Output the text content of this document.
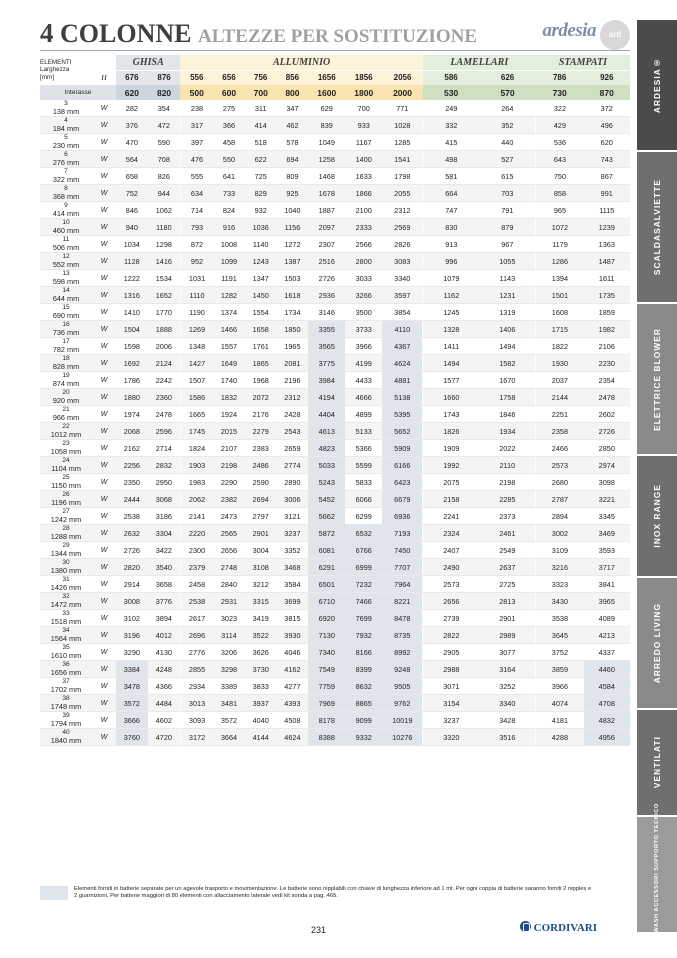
4 COLONNE ALTEZZE PER SOSTITUZIONE	ardesia	ard
ELEMENTI
Larghezza
[mm]		GHISA		ALLUMINIO							LAMELLARI		STAMPATI	
	H	676	876	556	656	756	856	1656	1856	2056	586	626	786	926
Interasse		620	820	500	600	700	800	1600	1800	2000	530	570	730	870

3
138 mm	W	282	354	238	275	311	347	629	700	771	249	264	322	372

4
184 mm	W	376	472	317	366	414	462	839	933	1028	332	352	429	496

5
230 mm	W	470	590	397	458	518	578	1049	1167	1285	415	440	536	620

6
276 mm	W	564	708	476	550	622	694	1258	1400	1541	498	527	643	743

7
322 mm	W	658	826	555	641	725	809	1468	1633	1798	581	615	750	867

8
368 mm	W	752	944	634	733	829	925	1678	1866	2055	664	703	858	991

9
414 mm	W	846	1062	714	824	932	1040	1887	2100	2312	747	791	965	1115

10
460 mm	W	940	1180	793	916	1036	1156	2097	2333	2569	830	879	1072	1239

11
506 mm	W	1034	1298	872	1008	1140	1272	2307	2566	2826	913	967	1179	1363

12
552 mm	W	1128	1416	952	1099	1243	1387	2516	2800	3083	996	1055	1286	1487

13
598 mm	W	1222	1534	1031	1191	1347	1503	2726	3033	3340	1079	1143	1394	1611

14
644 mm	W	1316	1652	1110	1282	1450	1618	2936	3266	3597	1162	1231	1501	1735

15
690 mm	W	1410	1770	1190	1374	1554	1734	3146	3500	3854	1245	1319	1608	1859

16
736 mm	W	1504	1888	1269	1466	1658	1850	3355	3733	4110	1328	1406	1715	1982

17
782 mm	W	1598	2006	1348	1557	1761	1965	3565	3966	4367	1411	1494	1822	2106

18
828 mm	W	1692	2124	1427	1649	1865	2081	3775	4199	4624	1494	1582	1930	2230

19
874 mm	W	1786	2242	1507	1740	1968	2196	3984	4433	4881	1577	1670	2037	2354

20
920 mm	W	1880	2360	1586	1832	2072	2312	4194	4666	5138	1660	1758	2144	2478

21
966 mm	W	1974	2478	1665	1924	2176	2428	4404	4899	5395	1743	1846	2251	2602

22
1012 mm	W	2068	2596	1745	2015	2279	2543	4613	5133	5652	1826	1934	2358	2726

23
1058 mm	W	2162	2714	1824	2107	2383	2659	4823	5366	5909	1909	2022	2466	2850

24
1104 mm	W	2256	2832	1903	2198	2486	2774	5033	5599	6166	1992	2110	2573	2974

25
1150 mm	W	2350	2950	1983	2290	2590	2890	5243	5833	6423	2075	2198	2680	3098

26
1196 mm	W	2444	3068	2062	2382	2694	3006	5452	6066	6679	2158	2285	2787	3221

27
1242 mm	W	2538	3186	2141	2473	2797	3121	5662	6299	6936	2241	2373	2894	3345

28
1288 mm	W	2632	3304	2220	2565	2901	3237	5872	6532	7193	2324	2461	3002	3469

29
1344 mm	W	2726	3422	2300	2656	3004	3352	6081	6766	7450	2407	2549	3109	3593

30
1380 mm	W	2820	3540	2379	2748	3108	3468	6291	6999	7707	2490	2637	3216	3717

31
1426 mm	W	2914	3658	2458	2840	3212	3584	6501	7232	7964	2573	2725	3323	3841

32
1472 mm	W	3008	3776	2538	2931	3315	3699	6710	7466	8221	2656	2813	3430	3965

33
1518 mm	W	3102	3894	2617	3023	3419	3815	6920	7699	8478	2739	2901	3538	4089

34
1564 mm	W	3196	4012	2696	3114	3522	3930	7130	7932	8735	2822	2989	3645	4213

35
1610 mm	W	3290	4130	2776	3206	3626	4046	7340	8166	8992	2905	3077	3752	4337

36
1656 mm	W	3384	4248	2855	3298	3730	4162	7549	8399	9248	2988	3164	3859	4460

37
1702 mm	W	3478	4366	2934	3389	3833	4277	7759	8632	9505	3071	3252	3966	4584

38
1748 mm	W	3572	4484	3013	3481	3937	4393	7969	8865	9762	3154	3340	4074	4708

39
1794 mm	W	3666	4602	3093	3572	4040	4508	8178	9099	10019	3237	3428	4181	4832

40
1840 mm	W	3760	4720	3172	3664	4144	4624	8388	9332	10276	3320	3516	4288	4956
Elementi forniti in batterie separate per un agevole trasporto e movimentazione. Le batterie sono nipplabili con chiave di lunghezza inferiore ad 1 mt. Per ogni coppia di batterie saranno forniti 2 nipples e 2 guarnizioni. Per batterie maggiori di 80 elementi con allacciamento laterale vedi kit sonda a pag. 465.
231	CORDIVARI
ARDESIA®
SCALDASALVIETTE
ELETTRICE BLOWER
INOX RANGE
ARREDO LIVING
VENTILATI
KIT WASH ACCESSORI SUPPORTO TECNICO
